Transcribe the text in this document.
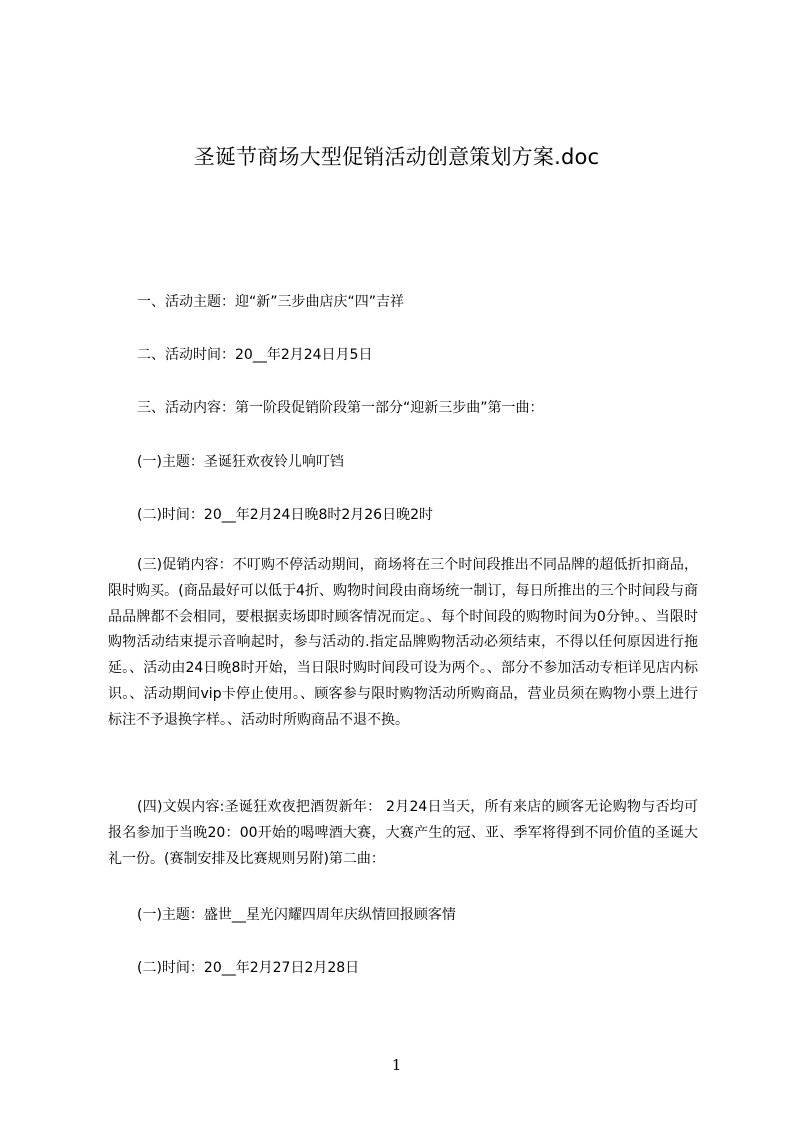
圣诞节商场大型促销活动创意策划方案.doc
一、活动主题：迎“新”三步曲店庆“四”吉祥
二、活动时间：20__年2月24日月5日
三、活动内容：第一阶段促销阶段第一部分“迎新三步曲”第一曲：
(一)主题：圣诞狂欢夜铃儿响叮铛
(二)时间：20__年2月24日晚8时2月26日晚2时
(三)促销内容：不叮购不停活动期间，商场将在三个时间段推出不同品牌的超低折扣商品，限时购买。(商品最好可以低于4折、购物时间段由商场统一制订，每日所推出的三个时间段与商品品牌都不会相同，要根据卖场即时顾客情况而定。、每个时间段的购物时间为0分钟。、当限时购物活动结束提示音响起时，参与活动的.指定品牌购物活动必须结束，不得以任何原因进行拖延。、活动由24日晚8时开始，当日限时购时间段可设为两个。、部分不参加活动专柜详见店内标识。、活动期间vip卡停止使用。、顾客参与限时购物活动所购商品，营业员须在购物小票上进行标注不予退换字样。、活动时所购商品不退不换。
(四)文娱内容:圣诞狂欢夜把酒贺新年： 2月24日当天，所有来店的顾客无论购物与否均可报名参加于当晚20：00开始的喝啤酒大赛，大赛产生的冠、亚、季军将得到不同价值的圣诞大礼一份。(赛制安排及比赛规则另附)第二曲：
(一)主题：盛世__星光闪耀四周年庆纵情回报顾客情
(二)时间：20__年2月27日2月28日
1
